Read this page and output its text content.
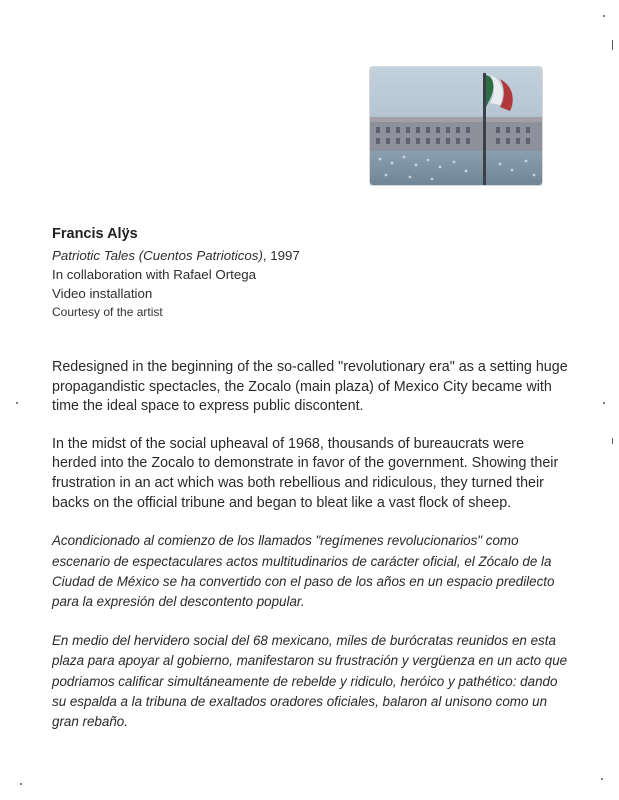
Francis Alÿs

Patriotic Tales (Cuentos Patrioticos), 1997

In collaboration with Rafael Ortega

Video installation

Courtesy of the artist

Redesigned in the beginning of the so-called "revolutionary era" as a setting huge propagandistic spectacles, the Zocalo (main plaza) of Mexico City became with time the ideal space to express public discontent.

In the midst of the social upheaval of 1968, thousands of bureaucrats were herded into the Zocalo to demonstrate in favor of the government. Showing their frustration in an act which was both rebellious and ridiculous, they turned their backs on the official tribune and began to bleat like a vast flock of sheep.

Acondicionado al comienzo de los llamados "regímenes revolucionarios" como escenario de espectaculares actos multitudinarios de carácter oficial, el Zócalo de la Ciudad de México se ha convertido con el paso de los años en un espacio predilecto para la expresión del descontento popular.

En medio del hervidero social del 68 mexicano, miles de burócratas reunidos en esta plaza para apoyar al gobierno, manifestaron su frustración y vergüenza en un acto que podriamos calificar simultáneamente de rebelde y ridiculo, heróico y pathético: dando su espalda a la tribuna de exaltados oradores oficiales, balaron al unisono como un gran rebaño.
